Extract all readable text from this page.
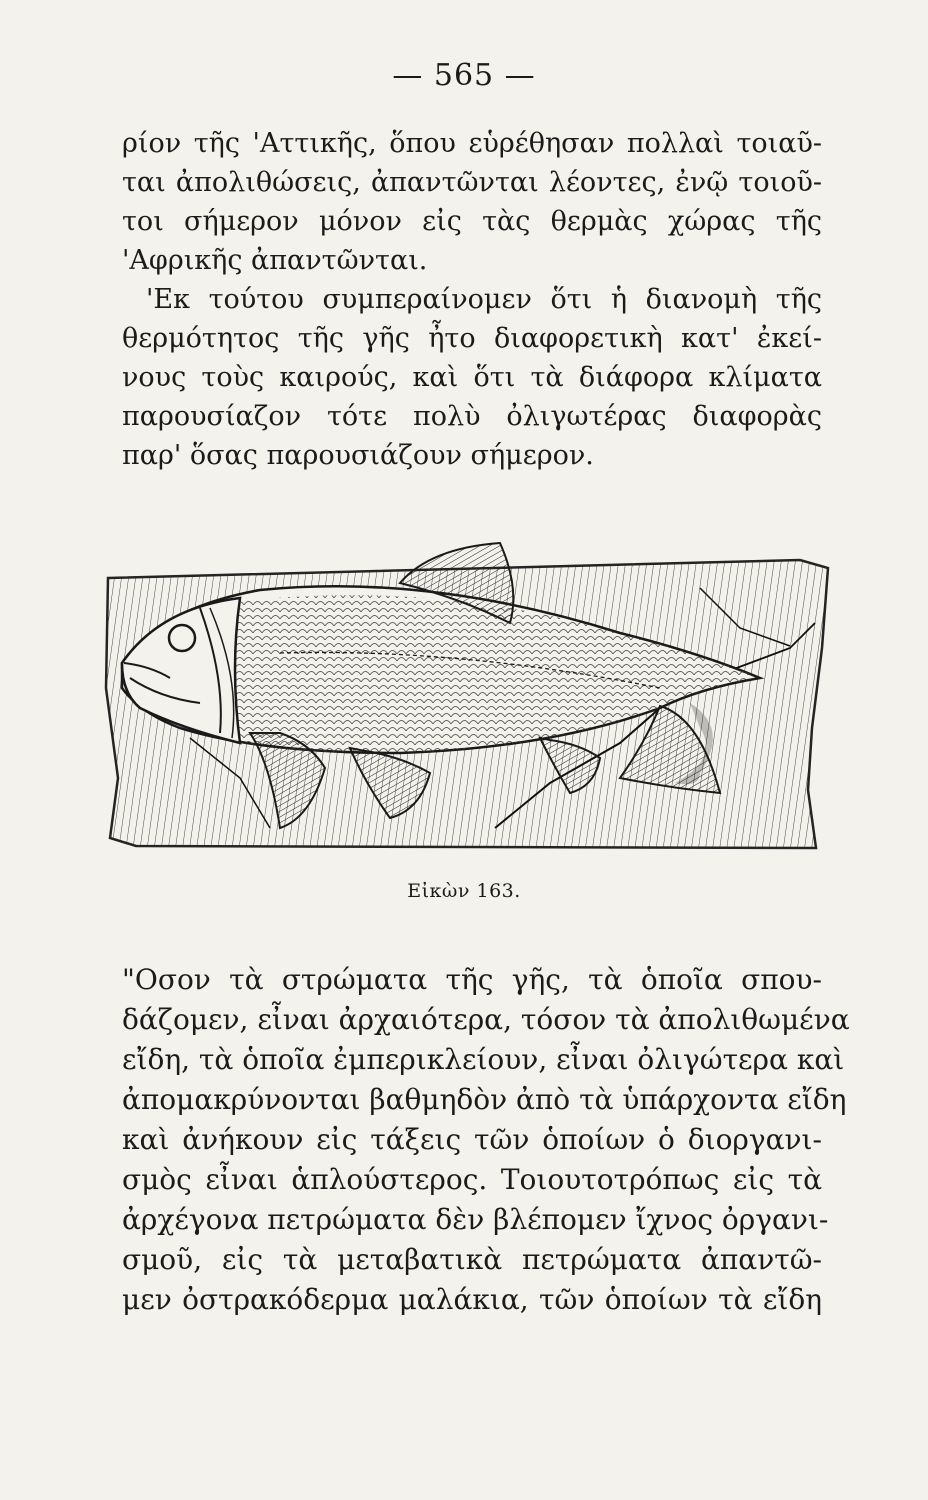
— 565 —
ρίον τῆς 'Αττικῆς, ὅπου εὑρέθησαν πολλαὶ τοιαῦ-
ται ἀπολιθώσεις, ἀπαντῶνται λέοντες, ἐνῷ τοιοῦ-
τοι σήμερον μόνον εἰς τὰς θερμὰς χώρας τῆς
'Αφρικῆς ἀπαντῶνται.
'Εκ τούτου συμπεραίνομεν ὅτι ἡ διανομὴ τῆς
θερμότητος τῆς γῆς ἦτο διαφορετικὴ κατ' ἐκεί-
νους τοὺς καιρούς, καὶ ὅτι τὰ διάφορα κλίματα
παρουσίαζον τότε πολὺ ὀλιγωτέρας διαφορὰς
παρ' ὅσας παρουσιάζουν σήμερον.
Εἰκὼν 163.
"Οσον τὰ στρώματα τῆς γῆς, τὰ ὁποῖα σπου-
δάζομεν, εἶναι ἀρχαιότερα, τόσον τὰ ἀπολιθωμένα
εἴδη, τὰ ὁποῖα ἐμπερικλείουν, εἶναι ὀλιγώτερα καὶ
ἀπομακρύνονται βαθμηδὸν ἀπὸ τὰ ὑπάρχοντα εἴδη
καὶ ἀνήκουν εἰς τάξεις τῶν ὁποίων ὁ διοργανι-
σμὸς εἶναι ἁπλούστερος. Τοιουτοτρόπως εἰς τὰ
ἀρχέγονα πετρώματα δὲν βλέπομεν ἴχνος ὀργανι-
σμοῦ, εἰς τὰ μεταβατικὰ πετρώματα ἀπαντῶ-
μεν ὀστρακόδερμα μαλάκια, τῶν ὁποίων τὰ εἴδη
